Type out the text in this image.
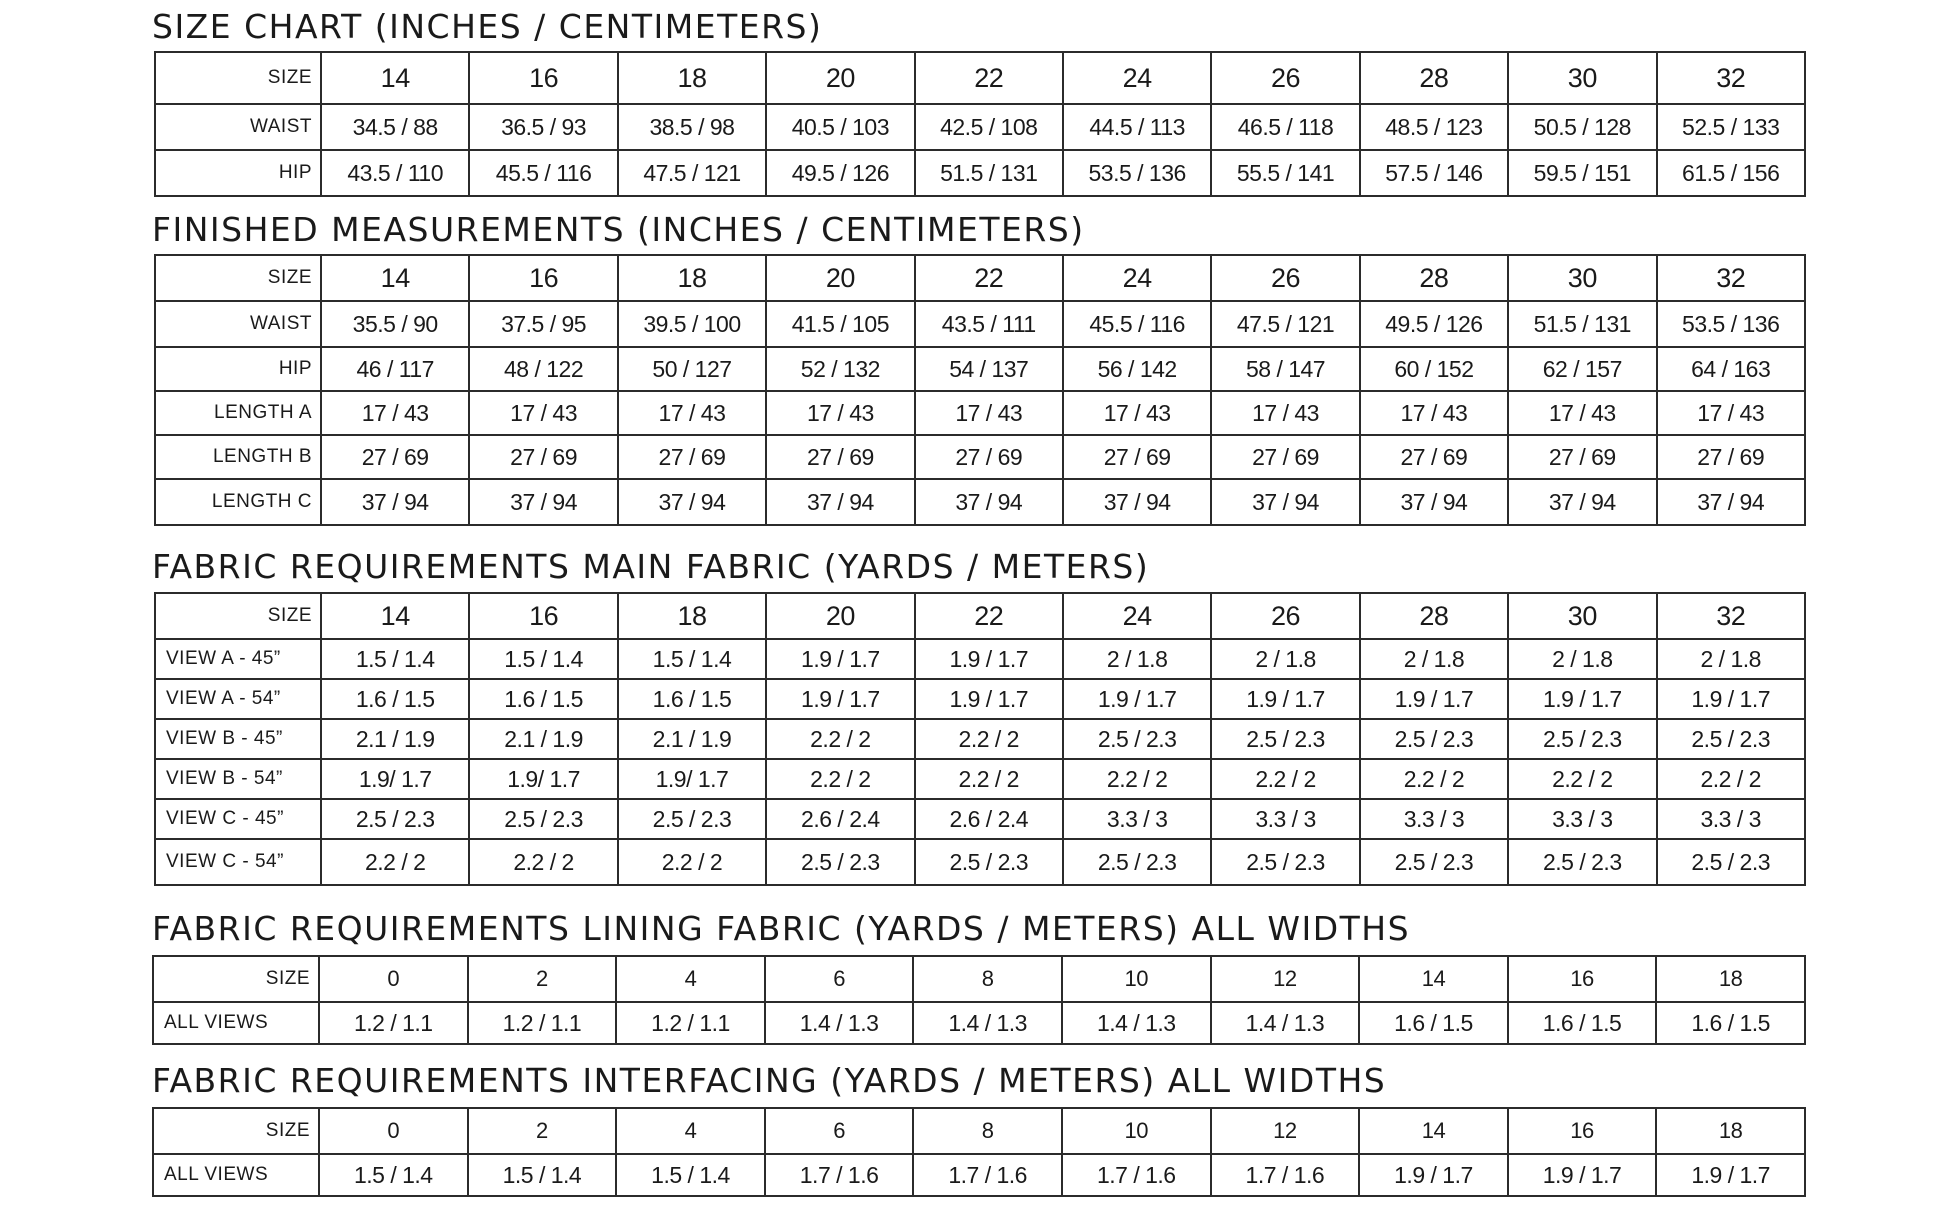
SIZE CHART (INCHES / CENTIMETERS)
SIZE	14	16	18	20	22	24	26	28	30	32
WAIST	34.5 / 88	36.5 / 93	38.5 / 98	40.5 / 103	42.5 / 108	44.5 / 113	46.5 / 118	48.5 / 123	50.5 / 128	52.5 / 133
HIP	43.5 / 110	45.5 / 116	47.5 / 121	49.5 / 126	51.5 / 131	53.5 / 136	55.5 / 141	57.5 / 146	59.5 / 151	61.5 / 156
FINISHED MEASUREMENTS (INCHES / CENTIMETERS)
SIZE	14	16	18	20	22	24	26	28	30	32
WAIST	35.5 / 90	37.5 / 95	39.5 / 100	41.5 / 105	43.5 / 111	45.5 / 116	47.5 / 121	49.5 / 126	51.5 / 131	53.5 / 136
HIP	46 / 117	48 / 122	50 / 127	52 / 132	54 / 137	56 / 142	58 / 147	60 / 152	62 / 157	64 / 163
LENGTH A	17 / 43	17 / 43	17 / 43	17 / 43	17 / 43	17 / 43	17 / 43	17 / 43	17 / 43	17 / 43
LENGTH B	27 / 69	27 / 69	27 / 69	27 / 69	27 / 69	27 / 69	27 / 69	27 / 69	27 / 69	27 / 69
LENGTH C	37 / 94	37 / 94	37 / 94	37 / 94	37 / 94	37 / 94	37 / 94	37 / 94	37 / 94	37 / 94
FABRIC REQUIREMENTS MAIN FABRIC (YARDS / METERS)
SIZE	14	16	18	20	22	24	26	28	30	32
VIEW A - 45”	1.5 / 1.4	1.5 / 1.4	1.5 / 1.4	1.9 / 1.7	1.9 / 1.7	2 / 1.8	2 / 1.8	2 / 1.8	2 / 1.8	2 / 1.8
VIEW A - 54”	1.6 / 1.5	1.6 / 1.5	1.6 / 1.5	1.9 / 1.7	1.9 / 1.7	1.9 / 1.7	1.9 / 1.7	1.9 / 1.7	1.9 / 1.7	1.9 / 1.7
VIEW B - 45”	2.1 / 1.9	2.1 / 1.9	2.1 / 1.9	2.2 / 2	2.2 / 2	2.5 / 2.3	2.5 / 2.3	2.5 / 2.3	2.5 / 2.3	2.5 / 2.3
VIEW B - 54”	1.9/ 1.7	1.9/ 1.7	1.9/ 1.7	2.2 / 2	2.2 / 2	2.2 / 2	2.2 / 2	2.2 / 2	2.2 / 2	2.2 / 2
VIEW C - 45”	2.5 / 2.3	2.5 / 2.3	2.5 / 2.3	2.6 / 2.4	2.6 / 2.4	3.3 / 3	3.3 / 3	3.3 / 3	3.3 / 3	3.3 / 3
VIEW C - 54”	2.2 / 2	2.2 / 2	2.2 / 2	2.5 / 2.3	2.5 / 2.3	2.5 / 2.3	2.5 / 2.3	2.5 / 2.3	2.5 / 2.3	2.5 / 2.3
FABRIC REQUIREMENTS LINING FABRIC (YARDS / METERS) ALL WIDTHS
SIZE	0	2	4	6	8	10	12	14	16	18
ALL VIEWS	1.2 / 1.1	1.2 / 1.1	1.2 / 1.1	1.4 / 1.3	1.4 / 1.3	1.4 / 1.3	1.4 / 1.3	1.6 / 1.5	1.6 / 1.5	1.6 / 1.5
FABRIC REQUIREMENTS INTERFACING (YARDS / METERS) ALL WIDTHS
SIZE	0	2	4	6	8	10	12	14	16	18
ALL VIEWS	1.5 / 1.4	1.5 / 1.4	1.5 / 1.4	1.7 / 1.6	1.7 / 1.6	1.7 / 1.6	1.7 / 1.6	1.9 / 1.7	1.9 / 1.7	1.9 / 1.7
